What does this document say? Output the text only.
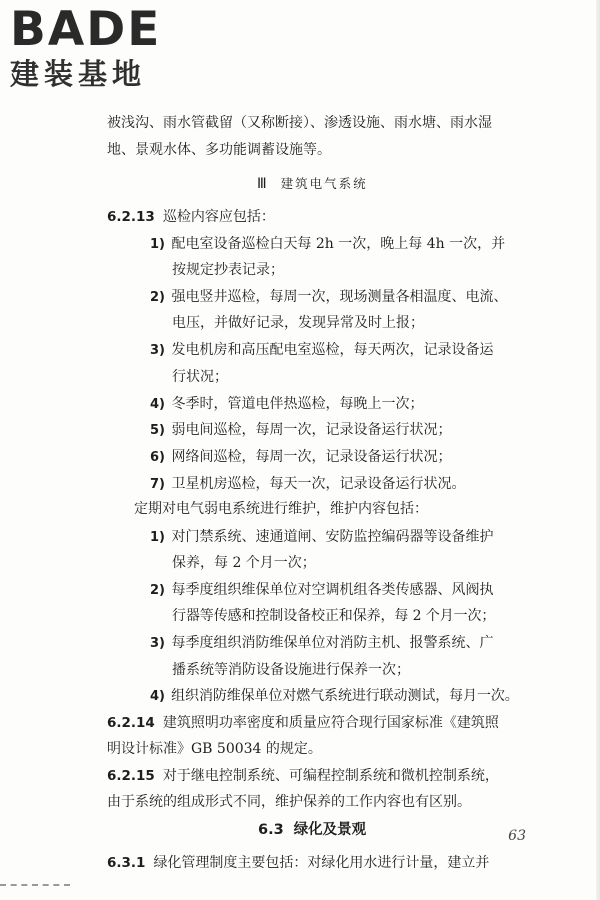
BADE
建装基地
被浅沟、雨水管截留（又称断接）、渗透设施、雨水塘、雨水湿
地、景观水体、多功能调蓄设施等。
Ⅲ 建筑电气系统
6.2.13 巡检内容应包括：
1) 配电室设备巡检白天每 2h 一次，晚上每 4h 一次，并
按规定抄表记录；
2) 强电竖井巡检，每周一次，现场测量各相温度、电流、
电压，并做好记录，发现异常及时上报；
3) 发电机房和高压配电室巡检，每天两次，记录设备运
行状况；
4) 冬季时，管道电伴热巡检，每晚上一次；
5) 弱电间巡检，每周一次，记录设备运行状况；
6) 网络间巡检，每周一次，记录设备运行状况；
7) 卫星机房巡检，每天一次，记录设备运行状况。
定期对电气弱电系统进行维护，维护内容包括：
1) 对门禁系统、速通道闸、安防监控编码器等设备维护
保养，每 2 个月一次；
2) 每季度组织维保单位对空调机组各类传感器、风阀执
行器等传感和控制设备校正和保养，每 2 个月一次；
3) 每季度组织消防维保单位对消防主机、报警系统、广
播系统等消防设备设施进行保养一次；
4) 组织消防维保单位对燃气系统进行联动测试，每月一次。
6.2.14 建筑照明功率密度和质量应符合现行国家标准《建筑照
明设计标准》GB 50034 的规定。
6.2.15 对于继电控制系统、可编程控制系统和微机控制系统，
由于系统的组成形式不同，维护保养的工作内容也有区别。
6.3 绿化及景观
6.3.1 绿化管理制度主要包括：对绿化用水进行计量，建立并
63
